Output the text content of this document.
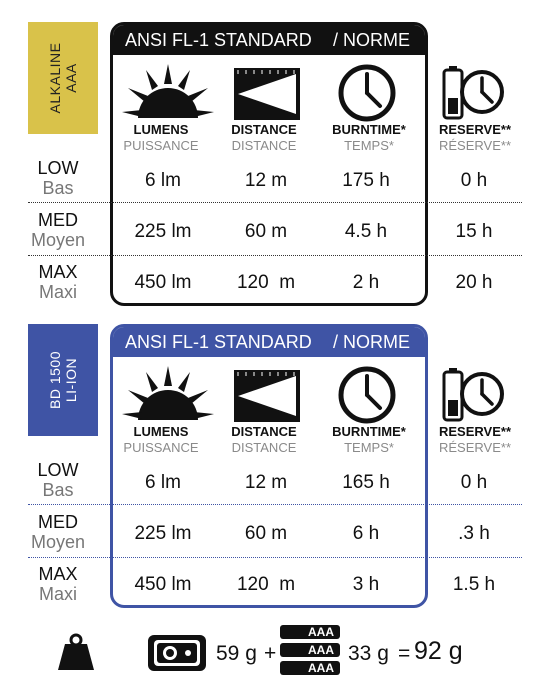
ALKALINE AAA
ANSI FL-1 STANDARD / NORME
LUMENS
PUISSANCE
DISTANCE
DISTANCE
BURNTIME*
TEMPS*
RESERVE**
RÉSERVE**
LOW
Bas	6 lm	12 m	175 h	0 h
MED
Moyen	225 lm	60 m	4.5 h	15 h
MAX
Maxi	450 lm	120  m	2 h	20 h
BD 1500 LI-ION
ANSI FL-1 STANDARD / NORME
LUMENS
PUISSANCE
DISTANCE
DISTANCE
BURNTIME*
TEMPS*
RESERVE**
RÉSERVE**
LOW
Bas	6 lm	12 m	165 h	0 h
MED
Moyen	225 lm	60 m	6 h	.3 h
MAX
Maxi	450 lm	120  m	3 h	1.5 h
59 g +
AAA
AAA
AAA
33 g = 92 g
